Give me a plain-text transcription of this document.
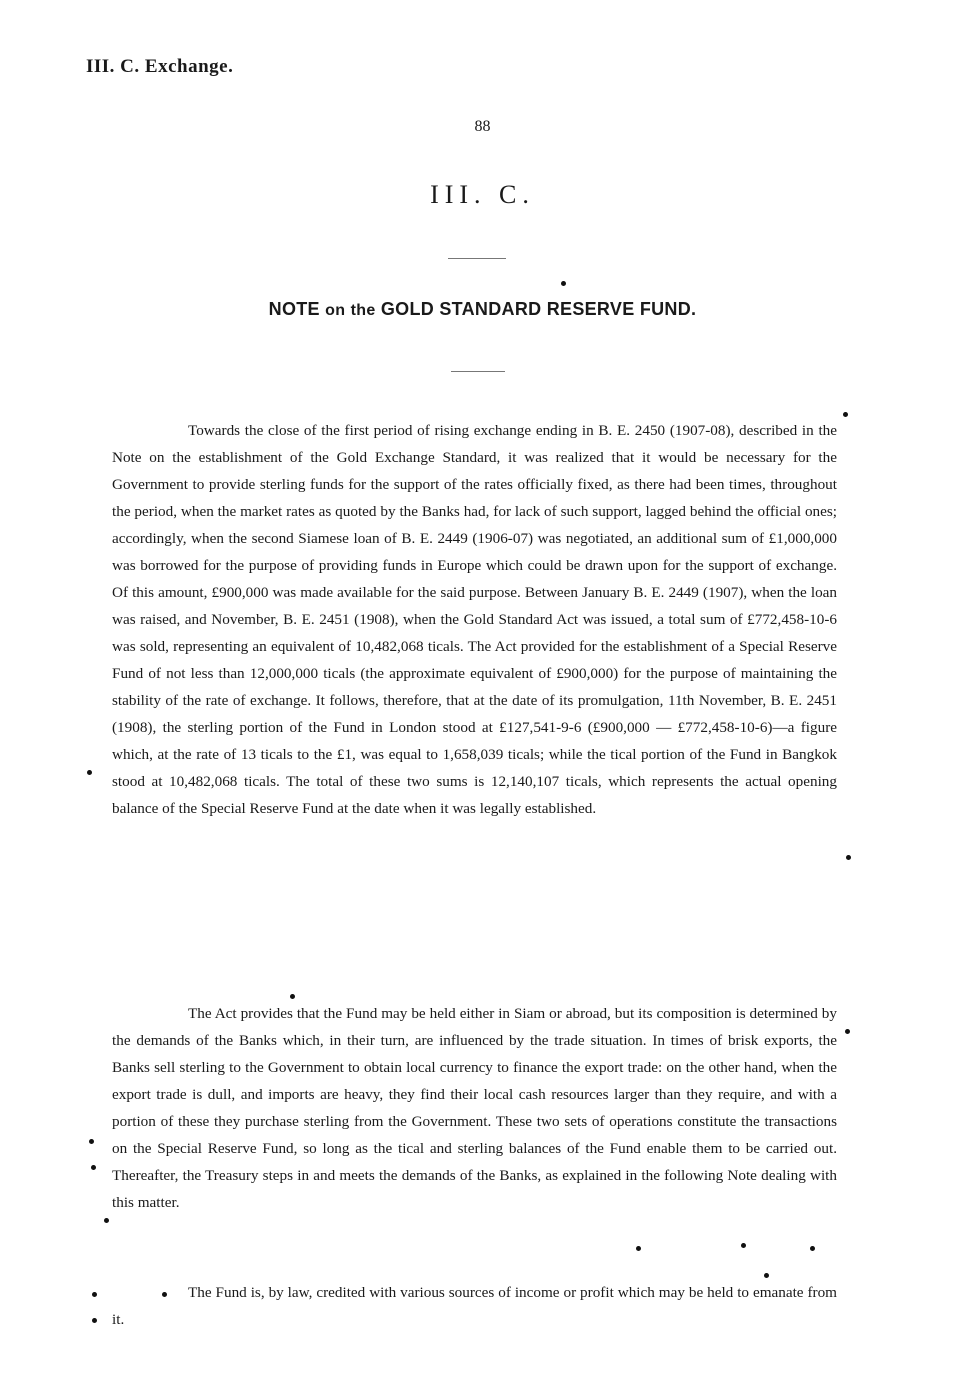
III. C. Exchange.
88
III. C.
NOTE on the GOLD STANDARD RESERVE FUND.

Towards the close of the first period of rising exchange ending in B. E. 2450 (1907-08), described in the Note on the establishment of the Gold Exchange Standard, it was realized that it would be necessary for the Government to provide sterling funds for the support of the rates officially fixed, as there had been times, throughout the period, when the market rates as quoted by the Banks had, for lack of such support, lagged behind the official ones; accordingly, when the second Siamese loan of B. E. 2449 (1906-07) was negotiated, an additional sum of £1,000,000 was borrowed for the purpose of providing funds in Europe which could be drawn upon for the support of exchange. Of this amount, £900,000 was made available for the said purpose. Between January B. E. 2449 (1907), when the loan was raised, and November, B. E. 2451 (1908), when the Gold Standard Act was issued, a total sum of £772,458-10-6 was sold, representing an equivalent of 10,482,068 ticals. The Act provided for the establishment of a Special Reserve Fund of not less than 12,000,000 ticals (the approximate equivalent of £900,000) for the purpose of maintaining the stability of the rate of exchange. It follows, therefore, that at the date of its promulgation, 11th November, B. E. 2451 (1908), the sterling portion of the Fund in London stood at £127,541-9-6 (£900,000 — £772,458-10-6)—a figure which, at the rate of 13 ticals to the £1, was equal to 1,658,039 ticals; while the tical portion of the Fund in Bangkok stood at 10,482,068 ticals. The total of these two sums is 12,140,107 ticals, which represents the actual opening balance of the Special Reserve Fund at the date when it was legally established.

The Act provides that the Fund may be held either in Siam or abroad, but its composition is determined by the demands of the Banks which, in their turn, are influenced by the trade situation. In times of brisk exports, the Banks sell sterling to the Government to obtain local currency to finance the export trade: on the other hand, when the export trade is dull, and imports are heavy, they find their local cash resources larger than they require, and with a portion of these they purchase sterling from the Government. These two sets of operations constitute the transactions on the Special Reserve Fund, so long as the tical and sterling balances of the Fund enable them to be carried out. Thereafter, the Treasury steps in and meets the demands of the Banks, as explained in the following Note dealing with this matter.

The Fund is, by law, credited with various sources of income or profit which may be held to emanate from it.
